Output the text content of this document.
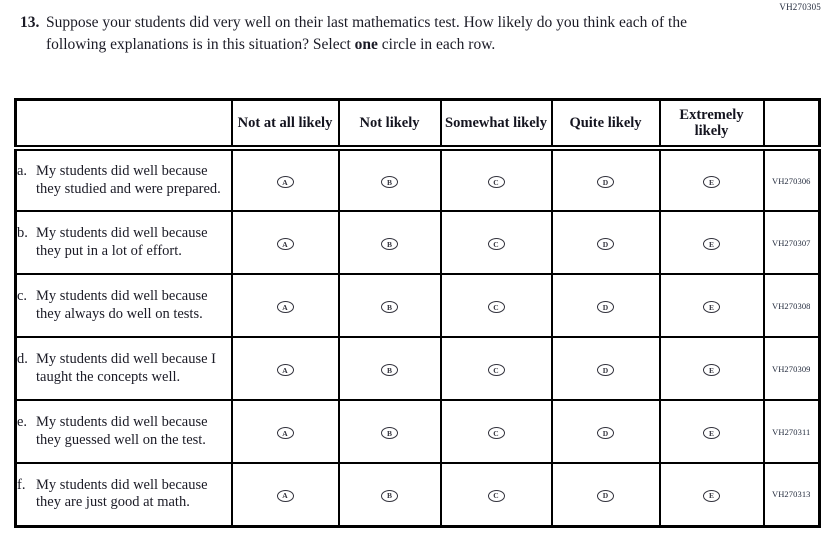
VH270305
13. Suppose your students did very well on their last mathematics test. How likely do you think each of the following explanations is in this situation? Select one circle in each row.
	Not at all likely	Not likely	Somewhat likely	Quite likely	Extremely likely	

a. My students did well because they studied and were prepared.	A	B	C	D	E	VH270306

b. My students did well because they put in a lot of effort.	A	B	C	D	E	VH270307

c. My students did well because they always do well on tests.	A	B	C	D	E	VH270308

d. My students did well because I taught the concepts well.	A	B	C	D	E	VH270309

e. My students did well because they guessed well on the test.	A	B	C	D	E	VH270311

f. My students did well because they are just good at math.	A	B	C	D	E	VH270313
